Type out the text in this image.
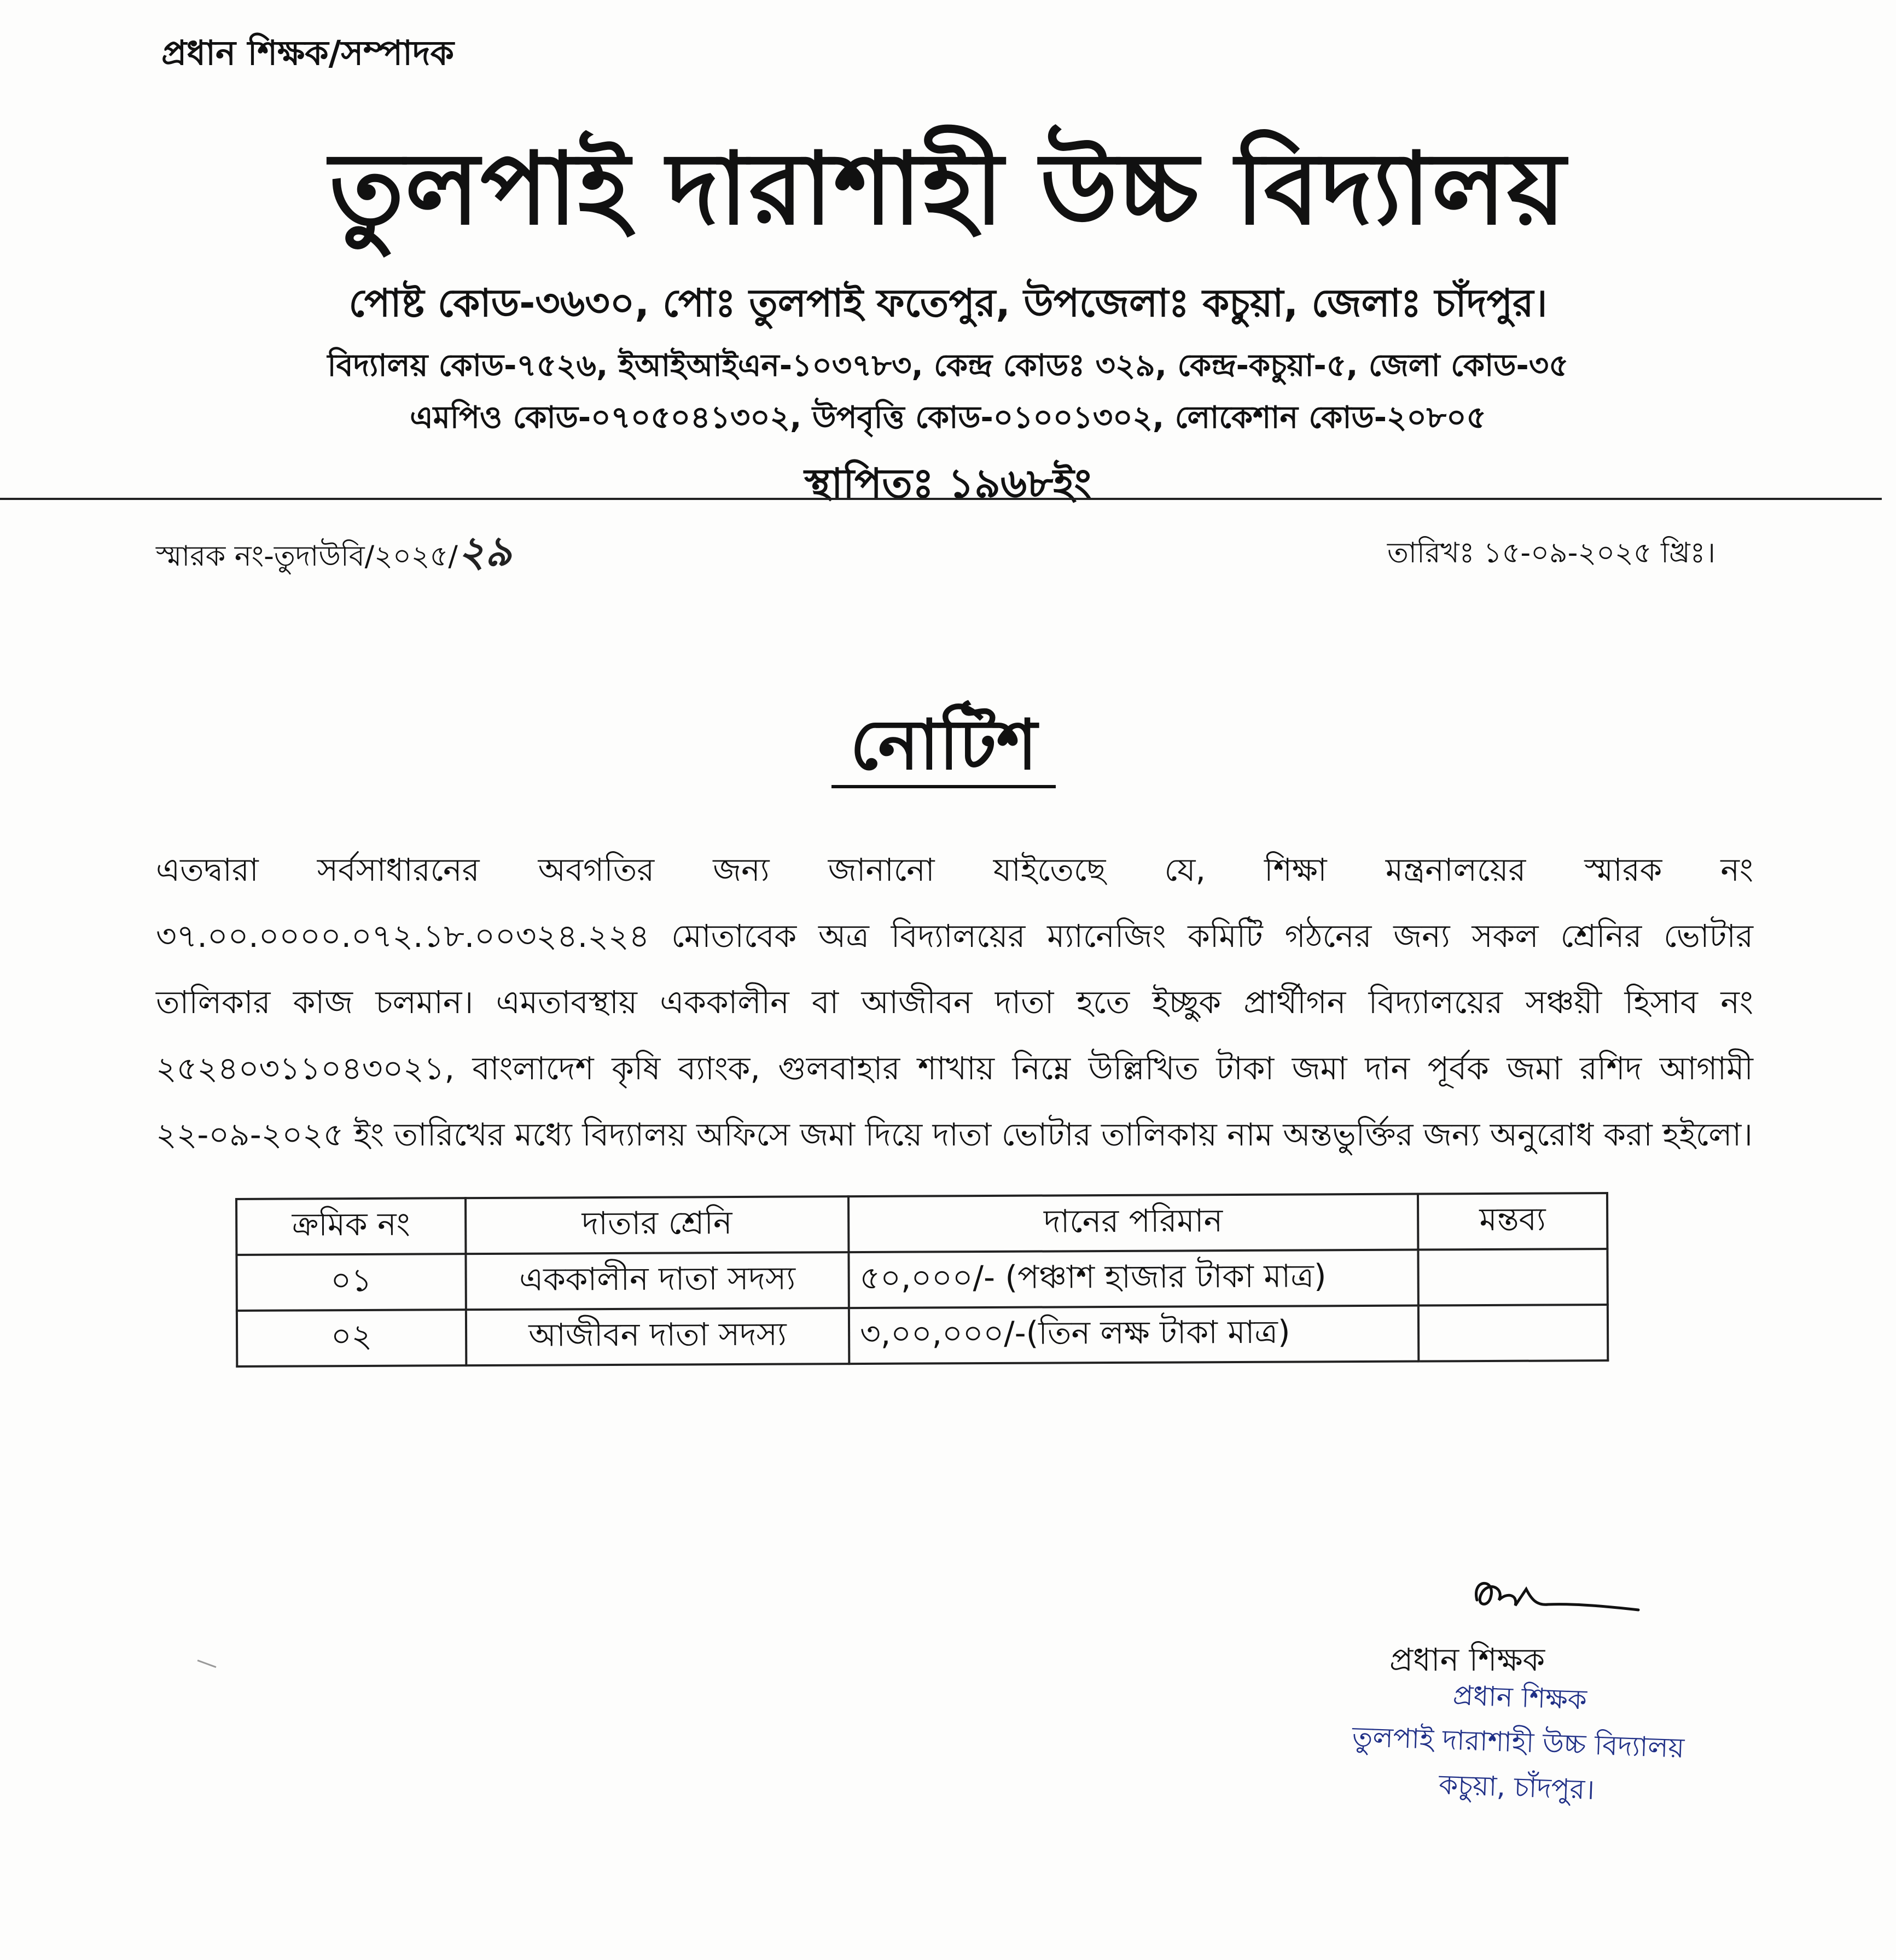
প্রধান শিক্ষক/সম্পাদক
তুলপাই দারাশাহী উচ্চ বিদ্যালয়
পোষ্ট কোড-৩৬৩০, পোঃ তুলপাই ফতেপুর, উপজেলাঃ কচুয়া, জেলাঃ চাঁদপুর।
বিদ্যালয় কোড-৭৫২৬, ইআইআইএন-১০৩৭৮৩, কেন্দ্র কোডঃ ৩২৯, কেন্দ্র-কচুয়া-৫, জেলা কোড-৩৫
এমপিও কোড-০৭০৫০৪১৩০২, উপবৃত্তি কোড-০১০০১৩০২, লোকেশান কোড-২০৮০৫
স্থাপিতঃ ১৯৬৮ইং
স্মারক নং-তুদাউবি/২০২৫/২৯	তারিখঃ ১৫-০৯-২০২৫ খ্রিঃ।
নোটিশ
এতদ্বারা সর্বসাধারনের অবগতির জন্য জানানো যাইতেছে যে, শিক্ষা মন্ত্রনালয়ের স্মারক নং ৩৭.০০.০০০০.০৭২.১৮.০০৩২৪.২২৪ মোতাবেক অত্র বিদ্যালয়ের ম্যানেজিং কমিটি গঠনের জন্য সকল শ্রেনির ভোটার তালিকার কাজ চলমান। এমতাবস্থায় এককালীন বা আজীবন দাতা হতে ইচ্ছুক প্রার্থীগন বিদ্যালয়ের সঞ্চয়ী হিসাব নং ২৫২৪০৩১১০৪৩০২১, বাংলাদেশ কৃষি ব্যাংক, গুলবাহার শাখায় নিম্নে উল্লিখিত টাকা জমা দান পূর্বক জমা রশিদ আগামী ২২-০৯-২০২৫ ইং তারিখের মধ্যে বিদ্যালয় অফিসে জমা দিয়ে দাতা ভোটার তালিকায় নাম অন্তভুর্ক্তির জন্য অনুরোধ করা হইলো।
ক্রমিক নং	দাতার শ্রেনি	দানের পরিমান	মন্তব্য
০১	এককালীন দাতা সদস্য	৫০,০০০/- (পঞ্চাশ হাজার টাকা মাত্র)	
০২	আজীবন দাতা সদস্য	৩,০০,০০০/-(তিন লক্ষ টাকা মাত্র)	
প্রধান শিক্ষক
প্রধান শিক্ষক
তুলপাই দারাশাহী উচ্চ বিদ্যালয়
কচুয়া, চাঁদপুর।
